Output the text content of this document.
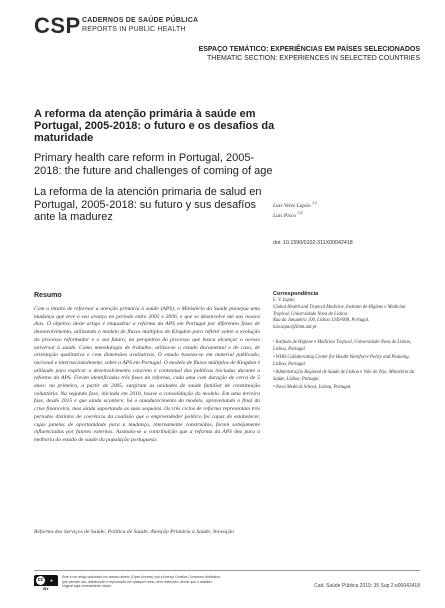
CSP CADERNOS DE SAÚDE PÚBLICA
REPORTS IN PUBLIC HEALTH
ESPAÇO TEMÁTICO: EXPERIÊNCIAS EM PAÍSES SELECIONADOS
THEMATIC SECTION: EXPERIENCES IN SELECTED COUNTRIES
A reforma da atenção primária à saúde em Portugal, 2005-2018: o futuro e os desafios da maturidade
Primary health care reform in Portugal, 2005-2018: the future and challenges of coming of age
La reforma de la atención primaria de salud en Portugal, 2005-2018: su futuro y sus desafíos ante la madurez
Luís Velez Lapão $^{1,2}$
Luís Pisco $^{3,4}$
doi: 10.1590/0102-311X00042418
Resumo
Com o intuito de reformar a atenção primária à saúde (APS), o Ministério da Saúde planejou uma mudança que teve o seu avanço no período entre 2005 e 2006, e que se desenvolve até aos nossos dias. O objetivo deste artigo é enquadrar a reforma da APS em Portugal por diferentes fases de desenvolvimento, utilizando o modelo de fluxos múltiplos de Kingdon para refletir sobre a evolução do processo reformador e o seu futuro, na perspetiva do processo que busca alcançar o acesso universal à saúde. Como metodologia de trabalho, utiliza-se o estudo documental e de caso, de orientação qualitativa e com dimensões avaliativas. O estudo baseou-se em material publicado, nacional e internacionalmente, sobre a APS em Portugal. O modelo de fluxos múltiplos de Kingdon é utilizado para explicar o desenvolvimento concreto e contextual das políticas iniciadas durante a reforma da APS. Foram identificadas três fases da reforma, cada uma com duração de cerca de 5 anos: na primeira, a partir de 2005, surgiram as unidades de saúde familiar de constituição voluntária. Na segunda fase, iniciada em 2010, houve a consolidação do modelo. Em uma terceira fase, desde 2015 e que ainda acontece, há o amadurecimento do modelo, aproveitando o final da crise financeira, mas ainda suportando as suas sequelas. Os três ciclos de reforma representam três períodos distintos de coerência da coalizão que o empreendedor político foi capaz de estabelecer, cujas janelas de oportunidade para a mudança, internamente construídas, foram sobejamente influenciadas por fatores externos. Assinala-se a contribuição que a reforma da APS deu para a melhoria do estado de saúde da população portuguesa.
Reforma dos Serviços de Saúde; Política de Saúde; Atenção Primária à Saúde; Inovação
Correspondência
L. V. Lapão
Global Health and Tropical Medicine, Instituto de Higiene e Medicina Tropical, Universidade Nova de Lisboa.
Rua da Junqueira 100, Lisboa 1349-008, Portugal.
luis.lapao@ihmt.unl.pt
¹ Instituto de Higiene e Medicina Tropical, Universidade Nova de Lisboa, Lisboa, Portugal.
² WHO Collaborating Center for Health Workforce Policy and Planning, Lisboa, Portugal.
³ Administração Regional de Saúde de Lisboa e Vale do Tejo, Ministério da Saúde, Lisboa, Portugal.
⁴ Nova Medical School, Lisboa, Portugal.
cc	●
BY
Este é um artigo publicado em acesso aberto (Open Access) sob a licença Creative Commons Attribution, que permite uso, distribuição e reprodução em qualquer meio, sem restrições, desde que o trabalho original seja corretamente citado.	Cad. Saúde Pública 2019; 35 Sup 2:e00042418
